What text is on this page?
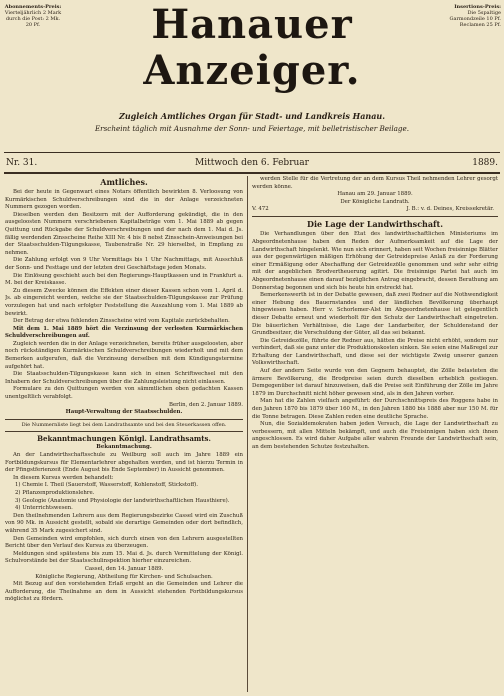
Abonnements-Preis:
Vierteljährlich 2 Mark
durch die Post: 2 Mk. 20 Pf.	Hanauer Anzeiger.
Insertions-Preis:
Die 5spaltige Garmondzeile 10 Pf.
Reclamen 25 Pf.
Zugleich Amtliches Organ für Stadt- und Landkreis Hanau.
Erscheint täglich mit Ausnahme der Sonn- und Feiertage, mit belletristischer Beilage.
Nr. 31.	Mittwoch den 6. Februar	1889.
Amtliches.

Bei der heute in Gegenwart eines Notars öffentlich bewirkten 8. Verloosung von Kurmärkischen Schuldverschreibungen sind die in der Anlage verzeichneten Nummern gezogen worden.

Dieselben werden den Besitzern mit der Aufforderung gekündigt, die in den ausgeloosten Nummern verschriebenen Kapitalbeträge vom 1. Mai 1889 ab gegen Quittung und Rückgabe der Schuldverschreibungen und der nach dem 1. Mai d. Js. fällig werdenden Zinsscheine Reihe XIII Nr. 4 bis 8 nebst Zinsschein-Anweisungen bei der Staatsschulden-Tilgungskasse, Taubenstraße Nr. 29 hierselbst, in Empfang zu nehmen.

Die Zahlung erfolgt von 9 Uhr Vormittags bis 1 Uhr Nachmittags, mit Ausschluß der Sonn- und Festtage und der letzten drei Geschäftstage jeden Monats.

Die Einlösung geschieht auch bei den Regierungs-Hauptkassen und in Frankfurt a. M. bei der Kreiskasse.

Zu diesem Zwecke können die Effekten einer dieser Kassen schon vom 1. April d. Js. ab eingereicht werden, welche sie der Staatsschulden-Tilgungskasse zur Prüfung vorzulegen hat und nach erfolgter Feststellung die Auszahlung vom 1. Mai 1889 ab bewirkt.

Der Betrag der etwa fehlenden Zinsscheine wird vom Kapitale zurückbehalten.

Mit dem 1. Mai 1889 hört die Verzinsung der verlosten Kurmärkischen Schuldverschreibungen auf.

Zugleich werden die in der Anlage verzeichneten, bereits früher ausgeloosten, aber noch rückständigen Kurmärkischen Schuldverschreibungen wiederholt und mit dem Bemerken aufgerufen, daß die Verzinsung derselben mit dem Kündigungstermine aufgehört hat.

Die Staatsschulden-Tilgungskasse kann sich in einen Schriftwechsel mit den Inhabern der Schuldverschreibungen über die Zahlungsleistung nicht einlassen.

Formulare zu den Quittungen werden von sämmtlichen oben gedachten Kassen unentgeltlich verabfolgt.

Berlin, den 2. Januar 1889.
Haupt-Verwaltung der Staatsschulden.
Die Nummernliste liegt bei dem Landrathsamte und bei den Steuerkassen offen.
Bekanntmachungen Königl. Landrathsamts.
Bekanntmachung.

An der Landwirthschaftsschule zu Weilburg soll auch im Jahre 1889 ein Fortbildungskursus für Elementarlehrer abgehalten werden, und ist hierzu Termin in der Pfingstferienzeit (Ende August bis Ende September) in Aussicht genommen.

In diesem Kursus werden behandelt:

1) Chemie I. Theil (Sauerstoff, Wasserstoff, Kohlenstoff, Stickstoff).
2) Pflanzenproduktionslehre.
3) Geologie (Anatomie und Physiologie der landwirthschaftlichen Hausthiere).
4) Unterrichtswesen.

Den theilnehmenden Lehrern aus dem Regierungsbezirke Cassel wird ein Zuschuß von 90 Mk. in Aussicht gestellt, sobald sie derartige Gemeinden oder dort befindlich, während 35 Mark zugesichert sind.

Den Gemeinden wird empfohlen, sich durch einen von den Lehrern ausgestellten Bericht über den Verlauf des Kursus zu überzeugen.

Meldungen sind spätestens bis zum 15. Mai d. Js. durch Vermittelung der Königl. Schulvorstände bei der Staatsschulinspektion hierher einzureichen.

Cassel, den 14. Januar 1889.
Königliche Regierung, Abtheilung für Kirchen- und Schulsachen.

Mit Bezug auf den vorstehenden Erlaß ergeht an die Gemeinden und Lehrer die Aufforderung, die Theilnahme an dem in Aussicht stehenden Fortbildungskursus möglichst zu fördern.

werden Stelle für die Vertretung der an dem Kursus Theil nehmenden Lehrer gesorgt werden könne.

Hanau am 29. Januar 1889.
Der Königliche Landrath.
V. 472	J. B.: v. d. Deines, Kreissekretär.
Die Lage der Landwirthschaft.

Die Verhandlungen über den Etat des landwirthschaftlichen Ministeriums im Abgeordnetenhause haben den Reden der Aufmerksamkeit auf die Lage der Landwirthschaft hingelenkt. Wie nun sich erinnert, haben seit Wochen freisinnige Blätter aus der gegenwärtigen mäßigen Erhöhung der Getreidepreise Anlaß zu der Forderung einer Ermäßigung oder Abschaffung der Getreidezölle genommen und sehr sehr eifrig mit der angeblichen Brodvertheuerung agitirt. Die freisinnige Partei hat auch im Abgeordnetenhause einen darauf bezüglichen Antrag eingebracht, dessen Berathung am Donnerstag begonnen und sich bis heute hin erstreckt hat.

Bemerkenswerth ist in der Debatte gewesen, daß zwei Redner auf die Nothwendigkeit einer Hebung des Bauernstandes und der ländlichen Bevölkerung überhaupt hingewiesen haben. Herr v. Schorlemer-Alst im Abgeordnetenhause ist gelegentlich dieser Debatte erneut und wiederholt für den Schutz der Landwirthschaft eingetreten. Die bäuerlichen Verhältnisse, die Lage der Landarbeiter, der Schuldenstand der Grundbesitzer, die Verschuldung der Güter, all das sei bekannt.

Die Getreidezölle, führte der Redner aus, hätten die Preise nicht erhöht, sondern nur verhindert, daß sie ganz unter die Produktionskosten sinken. Sie seien eine Maßregel zur Erhaltung der Landwirthschaft, und diese sei der wichtigste Zweig unserer ganzen Volkswirthschaft.

Auf der andern Seite wurde von den Gegnern behauptet, die Zölle belasteten die ärmere Bevölkerung, die Brodpreise seien durch dieselben erheblich gestiegen. Demgegenüber ist darauf hinzuweisen, daß die Preise seit Einführung der Zölle im Jahre 1879 im Durchschnitt nicht höher gewesen sind, als in den Jahren vorher.

Man hat die Zahlen vielfach angeführt: der Durchschnittspreis des Roggens habe in den Jahren 1870 bis 1879 über 160 M., in den Jahren 1880 bis 1888 aber nur 150 M. für die Tonne betragen. Diese Zahlen reden eine deutliche Sprache.

Nun, die Sozialdemokraten haben jeden Versuch, die Lage der Landwirthschaft zu verbessern, mit allen Mitteln bekämpft, und auch die Freisinnigen haben sich ihnen angeschlossen. Es wird daher Aufgabe aller wahren Freunde der Landwirthschaft sein, an dem bestehenden Schutze festzuhalten.
